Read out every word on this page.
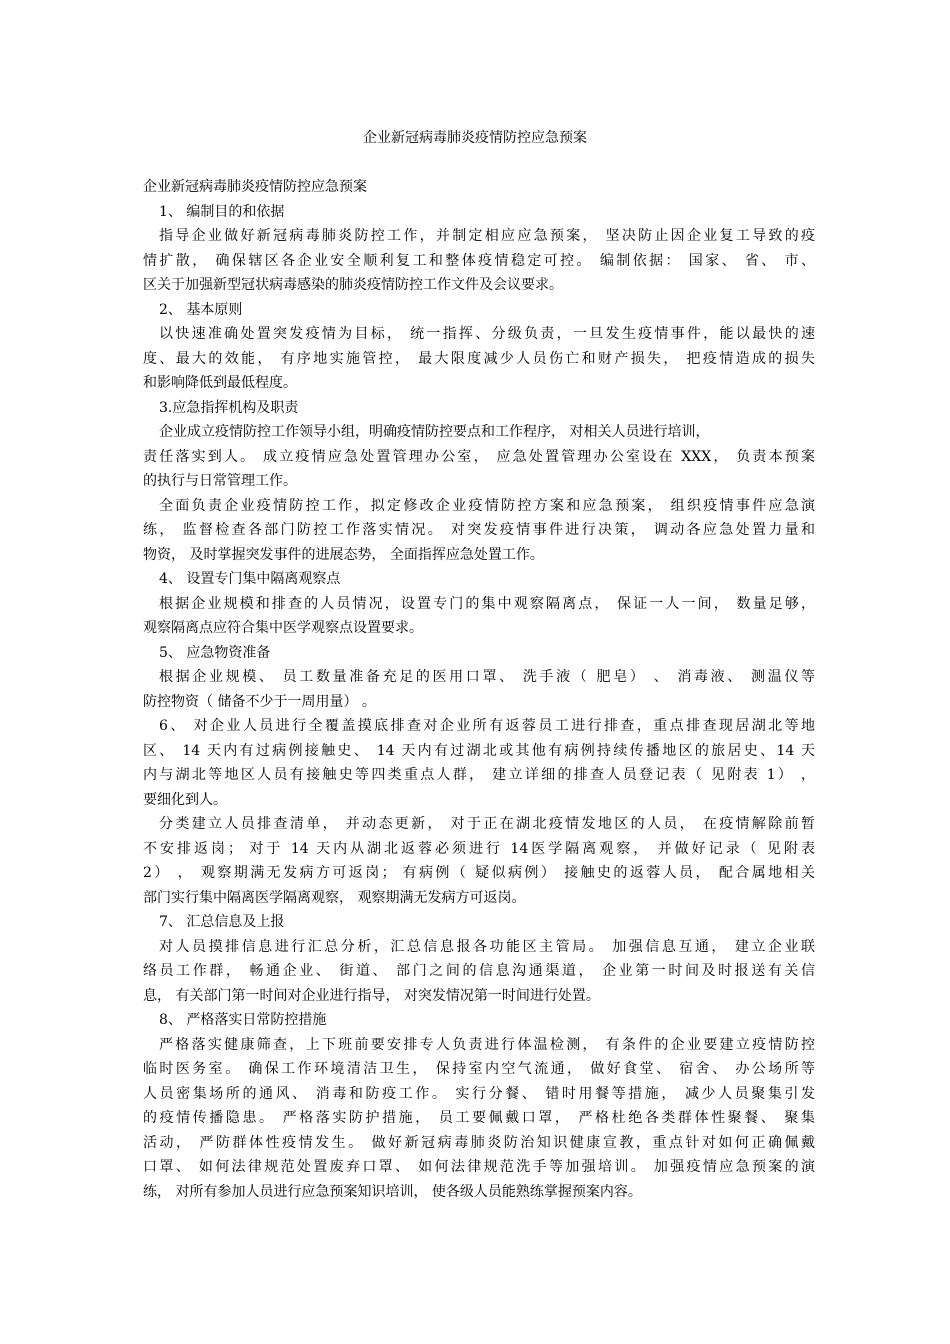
企业新冠病毒肺炎疫情防控应急预案
企业新冠病毒肺炎疫情防控应急预案
1、 编制目的和依据
指导企业做好新冠病毒肺炎防控工作，并制定相应应急预案， 坚决防止因企业复工导致的疫
情扩散， 确保辖区各企业安全顺利复工和整体疫情稳定可控。 编制依据： 国家、 省、 市、
区关于加强新型冠状病毒感染的肺炎疫情防控工作文件及会议要求。
2、 基本原则
以快速准确处置突发疫情为目标， 统一指挥、分级负责，一旦发生疫情事件，能以最快的速
度、最大的效能， 有序地实施管控， 最大限度减少人员伤亡和财产损失， 把疫情造成的损失
和影响降低到最低程度。
3.应急指挥机构及职责
企业成立疫情防控工作领导小组，明确疫情防控要点和工作程序， 对相关人员进行培训，
责任落实到人。 成立疫情应急处置管理办公室， 应急处置管理办公室设在 XXX， 负责本预案
的执行与日常管理工作。
全面负责企业疫情防控工作，拟定修改企业疫情防控方案和应急预案， 组织疫情事件应急演
练， 监督检查各部门防控工作落实情况。 对突发疫情事件进行决策， 调动各应急处置力量和
物资， 及时掌握突发事件的进展态势， 全面指挥应急处置工作。
4、 设置专门集中隔离观察点
根据企业规模和排查的人员情况，设置专门的集中观察隔离点， 保证一人一间， 数量足够，
观察隔离点应符合集中医学观察点设置要求。
5、 应急物资准备
根据企业规模、 员工数量准备充足的医用口罩、 洗手液（ 肥皂） 、 消毒液、 测温仪等
防控物资（ 储备不少于一周用量） 。
6、 对企业人员进行全覆盖摸底排查对企业所有返蓉员工进行排查，重点排查现居湖北等地
区、 14 天内有过病例接触史、 14 天内有过湖北或其他有病例持续传播地区的旅居史、14 天
内与湖北等地区人员有接触史等四类重点人群， 建立详细的排查人员登记表（ 见附表 1） ，
要细化到人。
分类建立人员排查清单， 并动态更新， 对于正在湖北疫情发地区的人员， 在疫情解除前暂
不安排返岗； 对于 14 天内从湖北返蓉必须进行 14医学隔离观察， 并做好记录（ 见附表
2） ， 观察期满无发病方可返岗； 有病例（ 疑似病例） 接触史的返蓉人员， 配合属地相关
部门实行集中隔离医学隔离观察， 观察期满无发病方可返岗。
7、 汇总信息及上报
对人员摸排信息进行汇总分析，汇总信息报各功能区主管局。 加强信息互通， 建立企业联
络员工作群， 畅通企业、 街道、 部门之间的信息沟通渠道， 企业第一时间及时报送有关信
息， 有关部门第一时间对企业进行指导， 对突发情况第一时间进行处置。
8、 严格落实日常防控措施
严格落实健康筛查，上下班前要安排专人负责进行体温检测， 有条件的企业要建立疫情防控
临时医务室。 确保工作环境清洁卫生， 保持室内空气流通， 做好食堂、 宿舍、 办公场所等
人员密集场所的通风、 消毒和防疫工作。 实行分餐、 错时用餐等措施， 减少人员聚集引发
的疫情传播隐患。 严格落实防护措施， 员工要佩戴口罩， 严格杜绝各类群体性聚餐、 聚集
活动， 严防群体性疫情发生。 做好新冠病毒肺炎防治知识健康宣教，重点针对如何正确佩戴
口罩、 如何法律规范处置废弃口罩、 如何法律规范洗手等加强培训。 加强疫情应急预案的演
练， 对所有参加人员进行应急预案知识培训， 使各级人员能熟练掌握预案内容。
